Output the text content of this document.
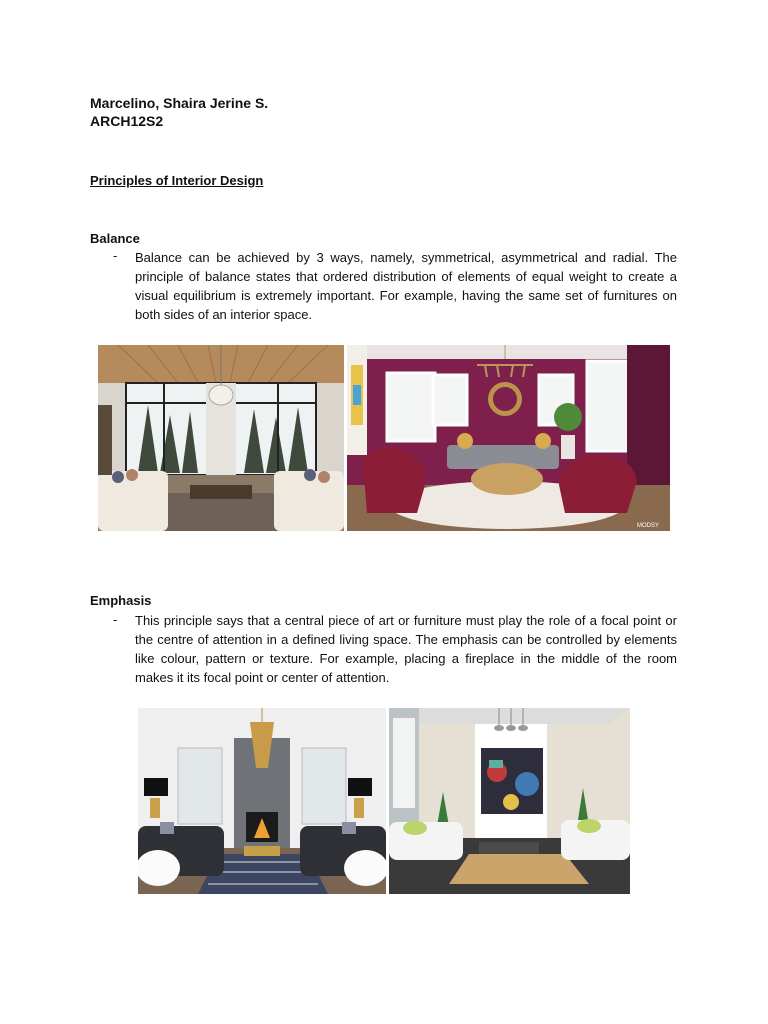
Marcelino, Shaira Jerine S.
ARCH12S2
Principles of Interior Design
Balance
- Balance can be achieved by 3 ways, namely, symmetrical, asymmetrical and radial. The principle of balance states that ordered distribution of elements of equal weight to create a visual equilibrium is extremely important. For example, having the same set of furnitures on both sides of an interior space.
MODSY
Emphasis
- This principle says that a central piece of art or furniture must play the role of a focal point or the centre of attention in a defined living space. The emphasis can be controlled by elements like colour, pattern or texture. For example, placing a fireplace in the middle of the room makes it its focal point or center of attention.
